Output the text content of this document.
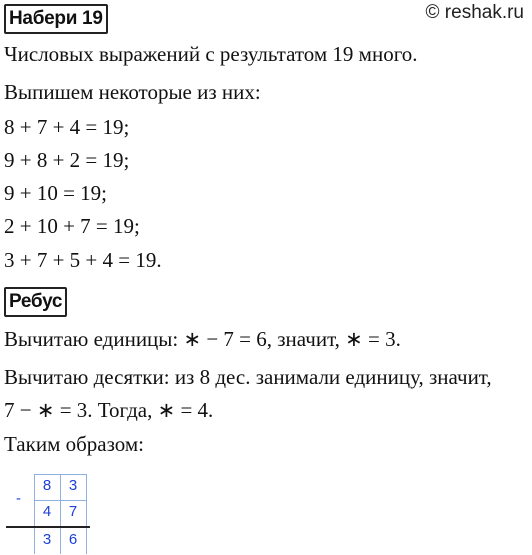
Набери 19	© reshak.ru
Числовых выражений с результатом 19 много.
Выпишем некоторые из них:
8 + 7 + 4 = 19;
9 + 8 + 2 = 19;
9 + 10 = 19;
2 + 10 + 7 = 19;
3 + 7 + 5 + 4 = 19.
Ребус
Вычитаю единицы: ∗ − 7 = 6, значит, ∗ = 3.
Вычитаю десятки: из 8 дес. занимали единицу, значит,
7 − ∗ = 3. Тогда, ∗ = 4.
Таким образом:
-
8	3
4	7
3	6
